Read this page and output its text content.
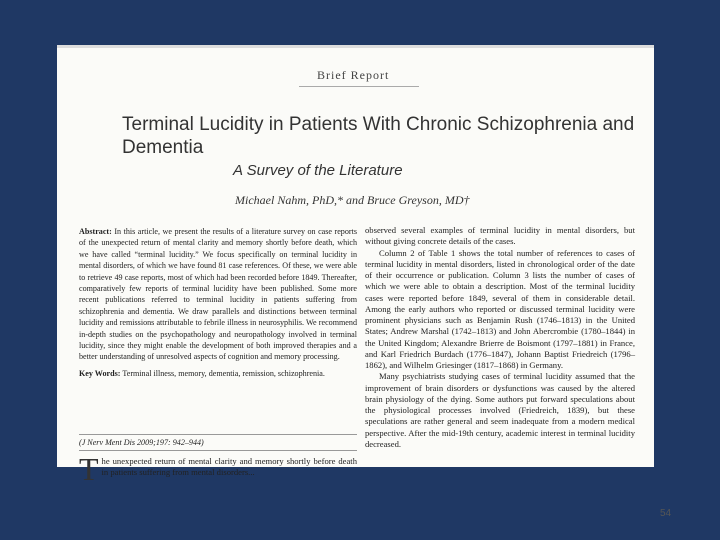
Brief Report
Terminal Lucidity in Patients With Chronic Schizophrenia and Dementia
A Survey of the Literature
Michael Nahm, PhD,* and Bruce Greyson, MD†

Abstract: In this article, we present the results of a literature survey on case reports of the unexpected return of mental clarity and memory shortly before death, which we have called “terminal lucidity.” We focus specifically on terminal lucidity in mental disorders, of which we have found 81 case references. Of these, we were able to retrieve 49 case reports, most of which had been recorded before 1849. Thereafter, comparatively few reports of terminal lucidity have been published. Some more recent publications referred to terminal lucidity in patients suffering from schizophrenia and dementia. We draw parallels and distinctions between terminal lucidity and remissions attributable to febrile illness in neurosyphilis. We recommend in-depth studies on the psychopathology and neuropathology involved in terminal lucidity, since they might enable the development of both improved therapies and a better understanding of unresolved aspects of cognition and memory processing.

Key Words: Terminal illness, memory, dementia, remission, schizophrenia.

(J Nerv Ment Dis 2009;197: 942–944)
The unexpected return of mental clarity and memory shortly before death in patients suffering from mental disorders...

observed several examples of terminal lucidity in mental disorders, but without giving concrete details of the cases.

Column 2 of Table 1 shows the total number of references to cases of terminal lucidity in mental disorders, listed in chronological order of the date of their occurrence or publication. Column 3 lists the number of cases of which we were able to obtain a description. Most of the terminal lucidity cases were reported before 1849, several of them in considerable detail. Among the early authors who reported or discussed terminal lucidity were prominent physicians such as Benjamin Rush (1746–1813) in the United States; Andrew Marshal (1742–1813) and John Abercrombie (1780–1844) in the United Kingdom; Alexandre Brierre de Boismont (1797–1881) in France, and Karl Friedrich Burdach (1776–1847), Johann Baptist Friedreich (1796–1862), and Wilhelm Griesinger (1817–1868) in Germany.

Many psychiatrists studying cases of terminal lucidity assumed that the improvement of brain disorders or dysfunctions was caused by the altered brain physiology of the dying. Some authors put forward speculations about the physiological processes involved (Friedreich, 1839), but these speculations are rather general and seem inadequate from a modern medical perspective. After the mid-19th century, academic interest in terminal lucidity decreased.

54
